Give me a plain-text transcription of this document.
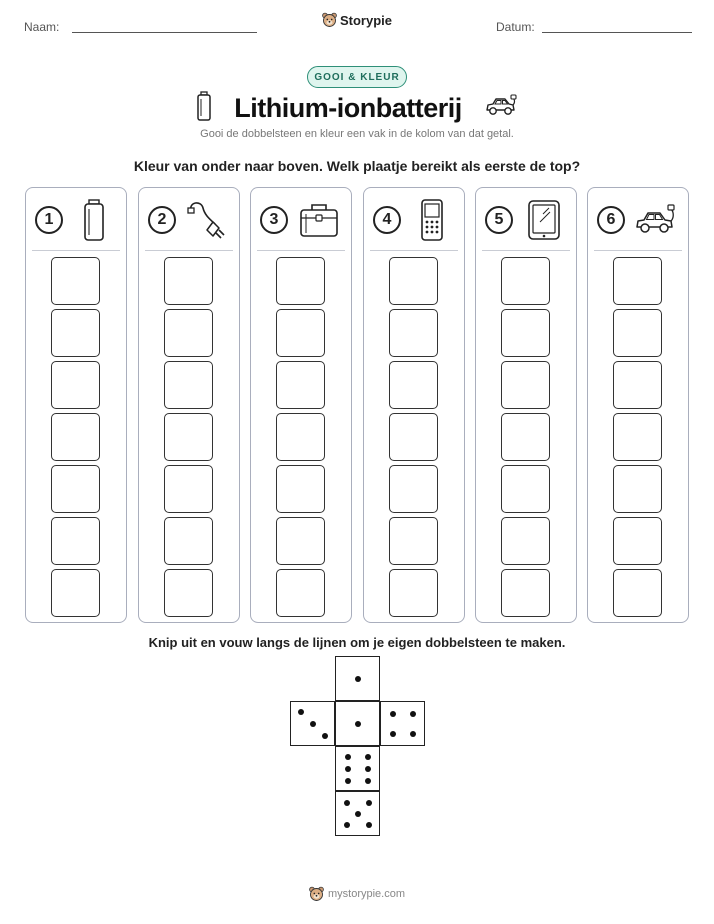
Naam:	Storypie	Datum:
GOOI & KLEUR
Lithium-ionbatterij
Gooi de dobbelsteen en kleur een vak in de kolom van dat getal.
Kleur van onder naar boven. Welk plaatje bereikt als eerste de top?
1	2	3	4	5	6
Knip uit en vouw langs de lijnen om je eigen dobbelsteen te maken.
mystorypie.com
